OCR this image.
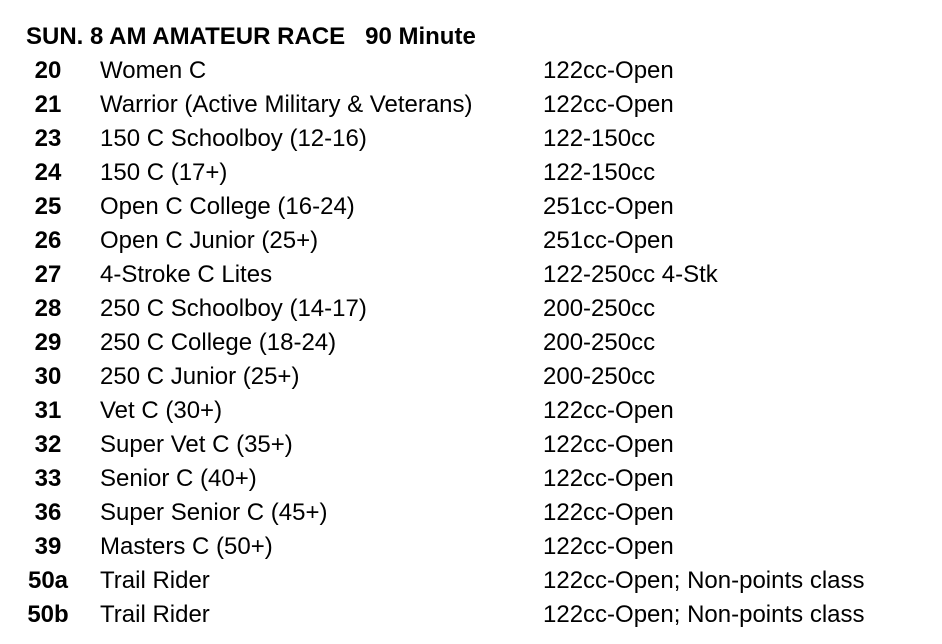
SUN. 8 AM AMATEUR RACE   90 Minute
20	Women C	122cc-Open
21	Warrior (Active Military & Veterans)	122cc-Open
23	150 C Schoolboy (12-16)	122-150cc
24	150 C (17+)	122-150cc
25	Open C College (16-24)	251cc-Open
26	Open C Junior (25+)	251cc-Open
27	4-Stroke C Lites	122-250cc 4-Stk
28	250 C Schoolboy (14-17)	200-250cc
29	250 C College (18-24)	200-250cc
30	250 C Junior (25+)	200-250cc
31	Vet C (30+)	122cc-Open
32	Super Vet C (35+)	122cc-Open
33	Senior C (40+)	122cc-Open
36	Super Senior C (45+)	122cc-Open
39	Masters C (50+)	122cc-Open
50a	Trail Rider	122cc-Open; Non-points class
50b	Trail Rider	122cc-Open; Non-points class
